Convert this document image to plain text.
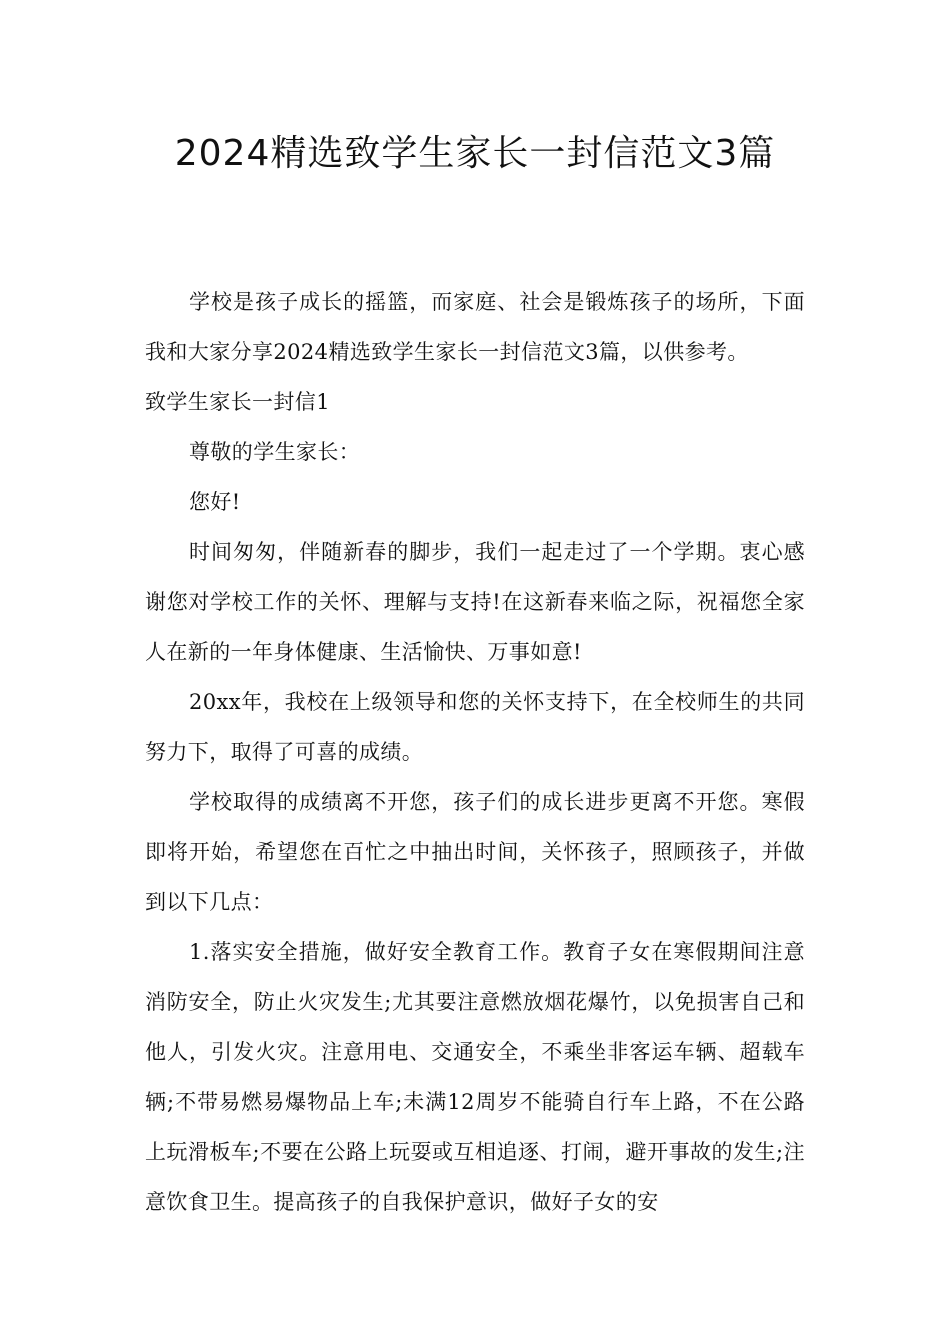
2024精选致学生家长一封信范文3篇

学校是孩子成长的摇篮，而家庭、社会是锻炼孩子的场所，下面我和大家分享2024精选致学生家长一封信范文3篇，以供参考。

致学生家长一封信1

尊敬的学生家长：

您好!

时间匆匆，伴随新春的脚步，我们一起走过了一个学期。衷心感谢您对学校工作的关怀、理解与支持!在这新春来临之际，祝福您全家人在新的一年身体健康、生活愉快、万事如意!

20xx年，我校在上级领导和您的关怀支持下，在全校师生的共同努力下，取得了可喜的成绩。

学校取得的成绩离不开您，孩子们的成长进步更离不开您。寒假即将开始，希望您在百忙之中抽出时间，关怀孩子，照顾孩子，并做到以下几点：

1.落实安全措施，做好安全教育工作。教育子女在寒假期间注意消防安全，防止火灾发生;尤其要注意燃放烟花爆竹，以免损害自己和他人，引发火灾。注意用电、交通安全，不乘坐非客运车辆、超载车辆;不带易燃易爆物品上车;未满12周岁不能骑自行车上路，不在公路上玩滑板车;不要在公路上玩耍或互相追逐、打闹，避开事故的发生;注意饮食卫生。提高孩子的自我保护意识，做好子女的安
